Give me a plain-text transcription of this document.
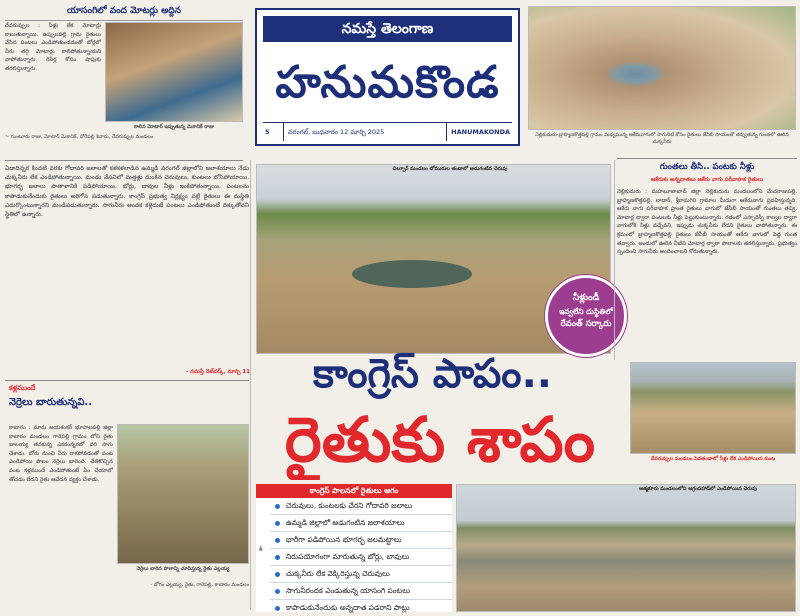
యాసంగిలో వంద మోటర్లు అద్దిన
దేవరుప్పుల : నీళ్లు లేక మోటార్లు కాలుతున్నాయి. ఉప్పులపల్లి గ్రామ రైతులు వేసిన పంటలు ఎండిపోతుండడంతో బోర్లలో నీరు తగ్గి మోటార్లు కాలిపోతున్నాయని వాపోతున్నారు. రిపేర్ల కోసం షాపుకు తరలిస్తున్నారు.
కాలిన మోటార్ ఇప్పుతున్న మెకానిక్ రాజు
~ గుంటూరు రాజు, మోటార్ మెకానిక్, దోరేపల్లి శివారు, దేవరుప్పుల మండలం
నమస్తే తెలంగాణ
హనుమకొండ
5	వరంగల్, బుధవారం 12 మార్చి 2025	HANUMAKONDA	నెల్లికుదురు-బ్రాహ్మణకొత్తపల్లి గ్రామం మధ్యమున్న ఆకేరువాగులో సాగునీటి కోసం రైతులు జేసీబీ సాయంతో తవ్వుతున్న గుంతలో ఊరిన చుక్కనీరు
ఏడాదిన్నర కిందటి వరకు గోదావరి జలాలతో కళకళలాడిన ఉమ్మడి వరంగల్ జిల్లాలోని జలాశయాలు నేడు చుక్కనీరు లేక ఎండిపోతున్నాయి. మండు వేసవిలో మత్తళ్లు దుంకిన చెరువులు, కుంటలు బోసిపోయాయి. భూగర్భ జలాలు పాతాళానికి పడిపోయాయి. బోర్లు, బావుల నీళ్లు ఇంకిపోతున్నాయి. పంటలను కాపాడుకునేందుకు రైతులు అరిగోస పడుతున్నారు. కాంగ్రెస్ ప్రభుత్వ నిర్లక్ష్యం వల్లే రైతులు ఈ దుస్థితి ఎదుర్కొంటున్నారని మండిపడుతున్నారు. సాగునీరు అందక కళ్లెదుటే పంటలు ఎండిపోతుంటే దిక్కుతోచని స్థితిలో ఉన్నారు.
- నమస్తే నెట్‌వర్క్, మార్చి 11
చిల్పూర్ మండలం బోమురుల తండాలో అడుగంటిన చెరువు
నీళ్లుండీ
ఇవ్వలేని దుస్థితిలో
రేవంత్ సర్కారు
కాంగ్రెస్ పాపం..
రైతుకు శాపం
గుంతలు తీసి.. పంటకు నీళ్లు
ఆకేరుకు అన్నదాతలు ఆకేరు వాగు పరీవాహక రైతులు
నెల్లికుదురు : మహబూబాబాద్ జిల్లా నెల్లికుదురు మండలంలోని మేచరాజుపల్లి, బ్రాహ్మణకొత్తపల్లి, లాడార్, శ్రీరామగిరి గ్రామాల మీదుగా ఆకేరువాగు ప్రవహిస్తున్నది. ఆకేరు వాగు పరీవాహక ప్రాంత రైతులు వాగులో జేసీబీ సాయంతో గుంతలు తవ్వి, మోటార్ల ద్వారా పంటలకు నీళ్లు పెట్టుకుంటున్నారు. గతంలో ఎస్సారెస్పీ కాల్వల ద్వారా వాగులోకి నీళ్లు వచ్చేవని, ఇప్పుడు చుక్కనీరు లేదని రైతులు వాపోతున్నారు. ఈ క్రమంలో బ్రాహ్మణకొత్తపల్లి రైతులు జేసీబీ సాయంతో ఆకేరు వాగులో పెద్ద గుంత తవ్వారు. అందులో ఊరిన నీటిని మోటార్ల ద్వారా పొలాలకు తరలిస్తున్నారు. ప్రభుత్వం స్పందించి సాగునీరు అందించాలని కోరుతున్నారు.
దేవరుప్పుల మండలం పెదతండాలో నీళ్లు లేక ఎండిపోయిన కుంట
కాంగ్రెస్ పాలనలో రైతులు ఆగం
చెరువులు, కుంటలకు చేరని గోదావరి జలాలు
ఉమ్మడి జిల్లాలో అడుగంటిన జలాశయాలు
భారీగా పడిపోయిన భూగర్భ జలమట్టాలు
నిరుపయోగంగా మారుతున్న బోర్లు, బావులు
చుక్కనీరు లేక వెక్కిరిస్తున్న చెరువులు
సాగునీరందక ఎండుతున్న యాసంగి పంటలు
కాపాడుకునేందుకు అన్నదాత పడరాని పాట్లు
❛
ఆత్మకూరు మండలంలోని అగ్రంపహాడ్‌లో ఎండిపోయిన చెరువు
కళ్లముందే
నెర్రెలు బారుతున్నవి..
కాటారం : మారు జయశంకర్ భూపాలపల్లి జిల్లా కాటారం మండలం గారెపల్లి గ్రామం లోని రైతు బాలయ్య తనకున్న ఎకరంన్నరలో వరి సాగు చేశాడు. బోరు నుంచి నీరు రాకపోవడంతో పంట ఎండిపోయి పొలం నెర్రెలు బారింది. చేతికొచ్చిన పంట కళ్లముందే ఎండిపోతుంటే ఏం చేయాలో తోచడం లేదని రైతు ఆవేదన వ్యక్తం చేశాడు.
నెర్రెలు బారిన పొలాన్ని చూపిస్తున్న రైతు ఎల్లయ్య
- బోగం ఎల్లయ్య, రైతు, గారెపల్లి, కాటారం మండలం
